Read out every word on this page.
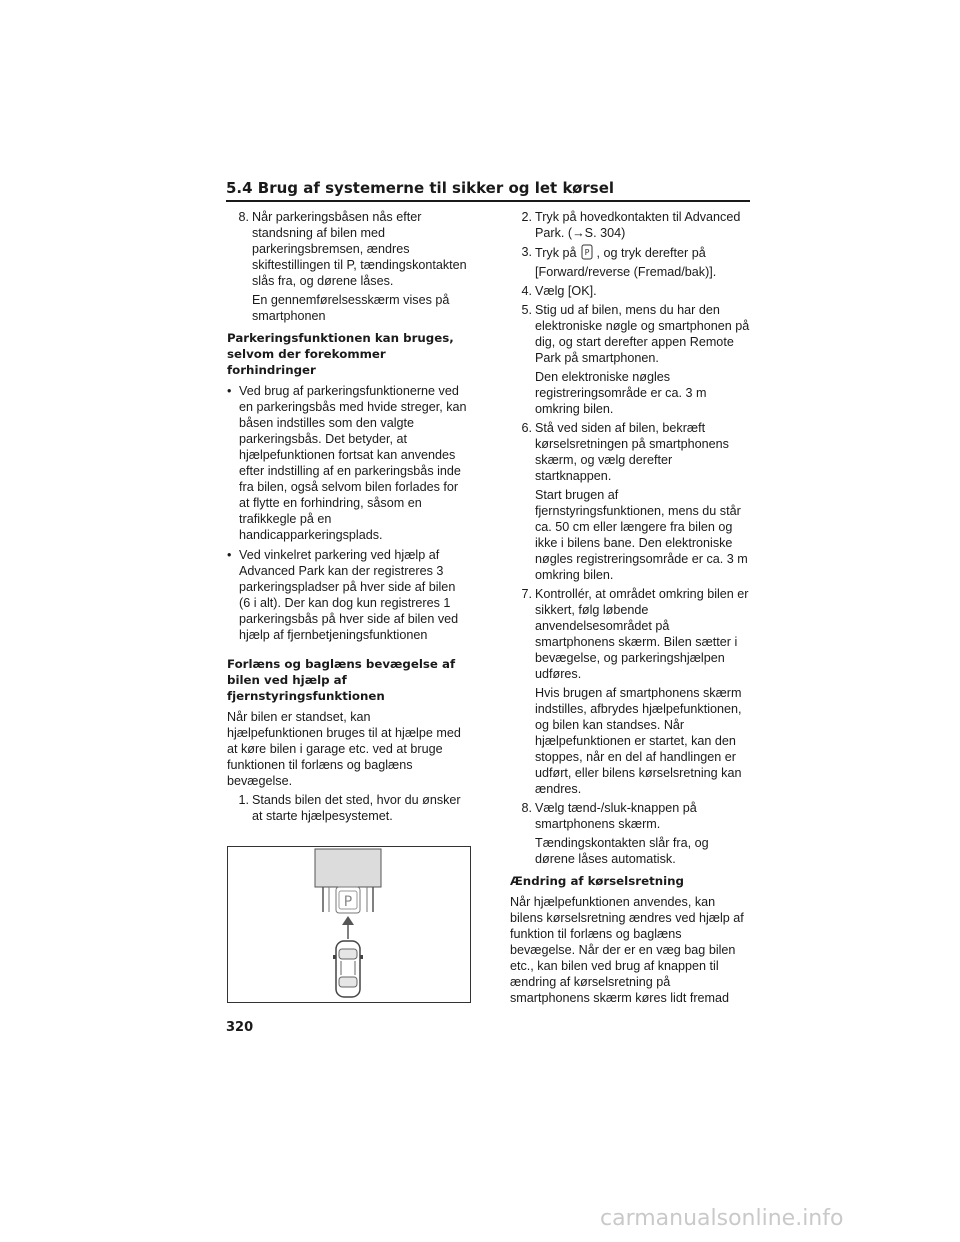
5.4 Brug af systemerne til sikker og let kørsel
8. Når parkeringsbåsen nås efter standsning af bilen med parkeringsbremsen, ændres skiftestillingen til P, tændingskontakten slås fra, og dørene låses.
En gennemførelsesskærm vises på smartphonen
Parkeringsfunktionen kan bruges, selvom der forekommer forhindringer
• Ved brug af parkeringsfunktionerne ved en parkeringsbås med hvide streger, kan båsen indstilles som den valgte parkeringsbås. Det betyder, at hjælpefunktionen fortsat kan anvendes efter indstilling af en parkeringsbås inde fra bilen, også selvom bilen forlades for at flytte en forhindring, såsom en trafikkegle på en handicapparkeringsplads.
• Ved vinkelret parkering ved hjælp af Advanced Park kan der registreres 3 parkeringspladser på hver side af bilen (6 i alt). Der kan dog kun registreres 1 parkeringsbås på hver side af bilen ved hjælp af fjernbetjeningsfunktionen
Forlæns og baglæns bevægelse af bilen ved hjælp af fjernstyringsfunktionen
Når bilen er standset, kan hjælpefunktionen bruges til at hjælpe med at køre bilen i garage etc. ved at bruge funktionen til forlæns og baglæns bevægelse.
1. Stands bilen det sted, hvor du ønsker at starte hjælpesystemet.
P
2. Tryk på hovedkontakten til Advanced Park. (→S. 304)
3. Tryk på P , og tryk derefter på [Forward/reverse (Fremad/bak)].
4. Vælg [OK].
5. Stig ud af bilen, mens du har den elektroniske nøgle og smartphonen på dig, og start derefter appen Remote Park på smartphonen.
Den elektroniske nøgles registreringsområde er ca. 3 m omkring bilen.
6. Stå ved siden af bilen, bekræft kørselsretningen på smartphonens skærm, og vælg derefter startknappen.
Start brugen af fjernstyringsfunktionen, mens du står ca. 50 cm eller længere fra bilen og ikke i bilens bane. Den elektroniske nøgles registreringsområde er ca. 3 m omkring bilen.
7. Kontrollér, at området omkring bilen er sikkert, følg løbende anvendelsesområdet på smartphonens skærm. Bilen sætter i bevægelse, og parkeringshjælpen udføres.
Hvis brugen af smartphonens skærm indstilles, afbrydes hjælpefunktionen, og bilen kan standses. Når hjælpefunktionen er startet, kan den stoppes, når en del af handlingen er udført, eller bilens kørselsretning kan ændres.
8. Vælg tænd-/sluk-knappen på smartphonens skærm.
Tændingskontakten slår fra, og dørene låses automatisk.
Ændring af kørselsretning
Når hjælpefunktionen anvendes, kan bilens kørselsretning ændres ved hjælp af funktion til forlæns og baglæns bevægelse. Når der er en væg bag bilen etc., kan bilen ved brug af knappen til ændring af kørselsretning på smartphonens skærm køres lidt fremad
320
carmanualsonline.info
